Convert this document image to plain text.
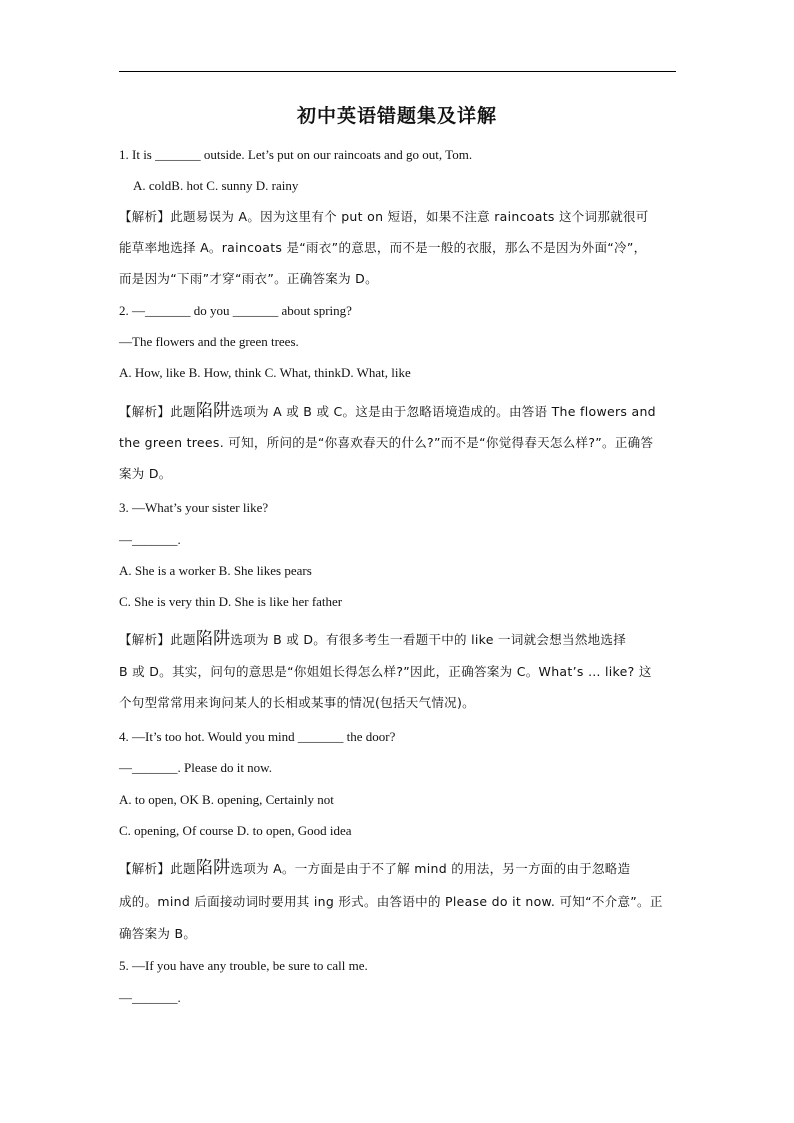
初中英语错题集及详解
1. It is _______ outside. Let’s put on our raincoats and go out, Tom.
A. coldB. hot C. sunny D. rainy
【解析】此题易误为 A。因为这里有个 put on 短语，如果不注意 raincoats 这个词那就很可
能草率地选择 A。raincoats 是“雨衣”的意思，而不是一般的衣服，那么不是因为外面“冷”，
而是因为“下雨”才穿“雨衣”。正确答案为 D。
2. —_______ do you _______ about spring?
—The flowers and the green trees.
A. How, like B. How, think C. What, thinkD. What, like
【解析】此题陷阱选项为 A 或 B 或 C。这是由于忽略语境造成的。由答语 The flowers and
the green trees. 可知，所问的是“你喜欢春天的什么?”而不是“你觉得春天怎么样?”。正确答
案为 D。
3. —What’s your sister like?
—_______.
A. She is a worker B. She likes pears
C. She is very thin D. She is like her father
【解析】此题陷阱选项为 B 或 D。有很多考生一看题干中的 like 一词就会想当然地选择
B 或 D。其实，问句的意思是“你姐姐长得怎么样?”因此，正确答案为 C。What’s … like? 这
个句型常常用来询问某人的长相或某事的情况(包括天气情况)。
4. —It’s too hot. Would you mind _______ the door?
—_______. Please do it now.
A. to open, OK B. opening, Certainly not
C. opening, Of course D. to open, Good idea
【解析】此题陷阱选项为 A。一方面是由于不了解 mind 的用法，另一方面的由于忽略造
成的。mind 后面接动词时要用其 ing 形式。由答语中的 Please do it now. 可知“不介意”。正
确答案为 B。
5. —If you have any trouble, be sure to call me.
—_______.
